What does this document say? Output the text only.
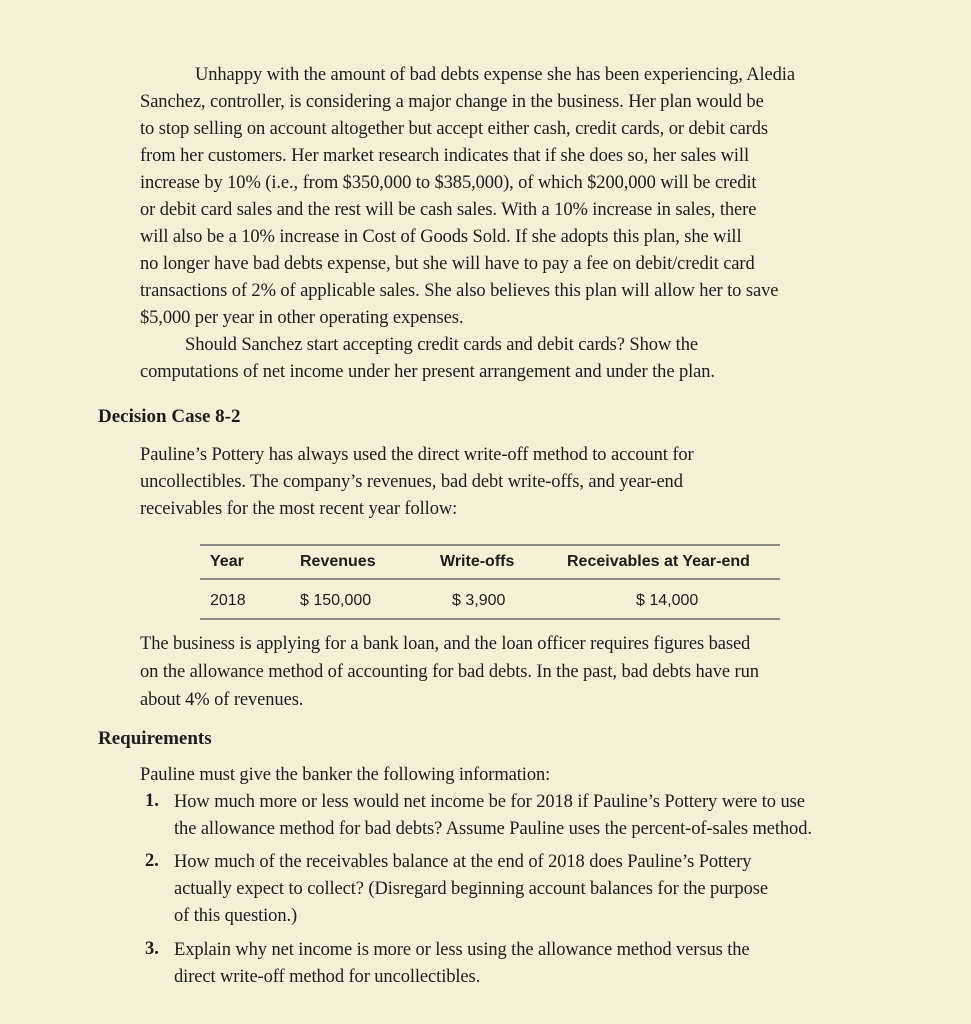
Unhappy with the amount of bad debts expense she has been experiencing, Aledia
Sanchez, controller, is considering a major change in the business. Her plan would be
to stop selling on account altogether but accept either cash, credit cards, or debit cards
from her customers. Her market research indicates that if she does so, her sales will
increase by 10% (i.e., from $350,000 to $385,000), of which $200,000 will be credit
or debit card sales and the rest will be cash sales. With a 10% increase in sales, there
will also be a 10% increase in Cost of Goods Sold. If she adopts this plan, she will
no longer have bad debts expense, but she will have to pay a fee on debit/credit card
transactions of 2% of applicable sales. She also believes this plan will allow her to save
$5,000 per year in other operating expenses.
Should Sanchez start accepting credit cards and debit cards? Show the
computations of net income under her present arrangement and under the plan.
Decision Case 8-2
Pauline’s Pottery has always used the direct write-off method to account for
uncollectibles. The company’s revenues, bad debt write-offs, and year-end
receivables for the most recent year follow:
Year	Revenues	Write-offs	Receivables at Year-end
2018	$ 150,000	$ 3,900	$ 14,000
The business is applying for a bank loan, and the loan officer requires figures based
on the allowance method of accounting for bad debts. In the past, bad debts have run
about 4% of revenues.
Requirements
Pauline must give the banker the following information:
1. How much more or less would net income be for 2018 if Pauline’s Pottery were to use
the allowance method for bad debts? Assume Pauline uses the percent-of-sales method.
2. How much of the receivables balance at the end of 2018 does Pauline’s Pottery
actually expect to collect? (Disregard beginning account balances for the purpose
of this question.)
3. Explain why net income is more or less using the allowance method versus the
direct write-off method for uncollectibles.
